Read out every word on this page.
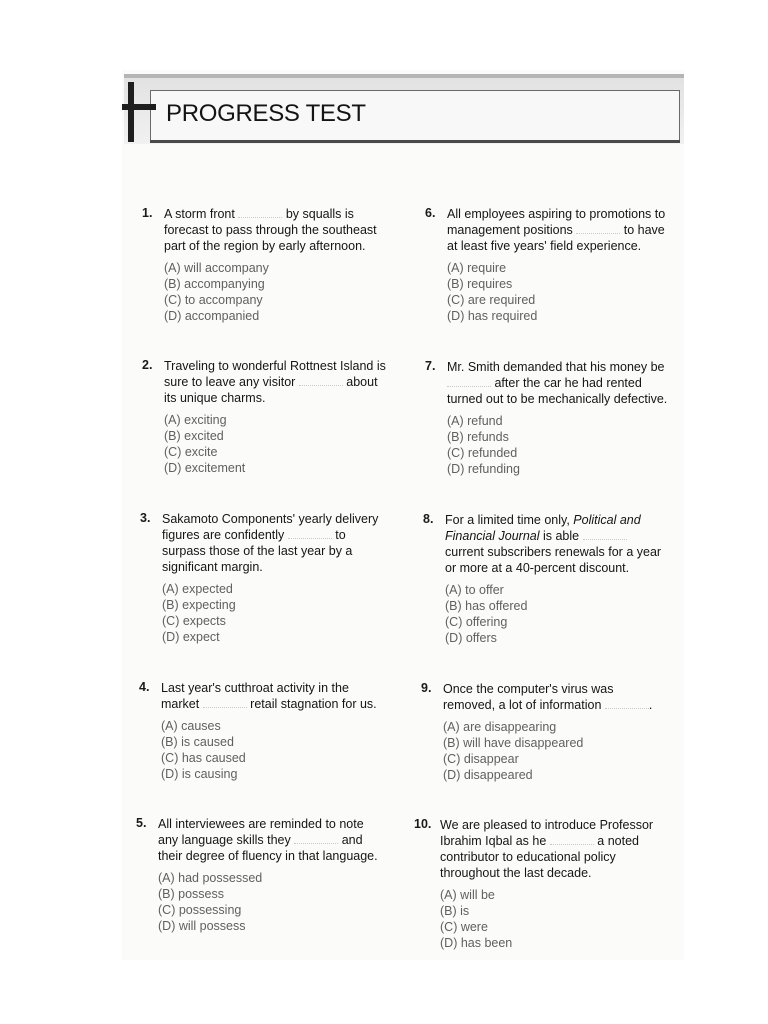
PROGRESS TEST
1. A storm front	by squalls is forecast to pass through the southeast part of the region by early afternoon.

(A) will accompany
(B) accompanying
(C) to accompany
(D) accompanied
2. Traveling to wonderful Rottnest Island is sure to leave any visitor	about its unique charms.

(A) exciting
(B) excited
(C) excite
(D) excitement
3. Sakamoto Components' yearly delivery figures are confidently	to surpass those of the last year by a significant margin.

(A) expected
(B) expecting
(C) expects
(D) expect
4. Last year's cutthroat activity in the market	retail stagnation for us.

(A) causes
(B) is caused
(C) has caused
(D) is causing
5. All interviewees are reminded to note any language skills they	and their degree of fluency in that language.

(A) had possessed
(B) possess
(C) possessing
(D) will possess
6. All employees aspiring to promotions to management positions	to have at least five years' field experience.

(A) require
(B) requires
(C) are required
(D) has required
7. Mr. Smith demanded that his money be  after the car he had rented turned out to be mechanically defective.

(A) refund
(B) refunds
(C) refunded
(D) refunding
8. For a limited time only, Political and Financial Journal is able  current subscribers renewals for a year or more at a 40-percent discount.

(A) to offer
(B) has offered
(C) offering
(D) offers
9. Once the computer's virus was removed, a lot of information	.

(A) are disappearing
(B) will have disappeared
(C) disappear
(D) disappeared
10. We are pleased to introduce Professor Ibrahim Iqbal as he	a noted contributor to educational policy throughout the last decade.

(A) will be
(B) is
(C) were
(D) has been
